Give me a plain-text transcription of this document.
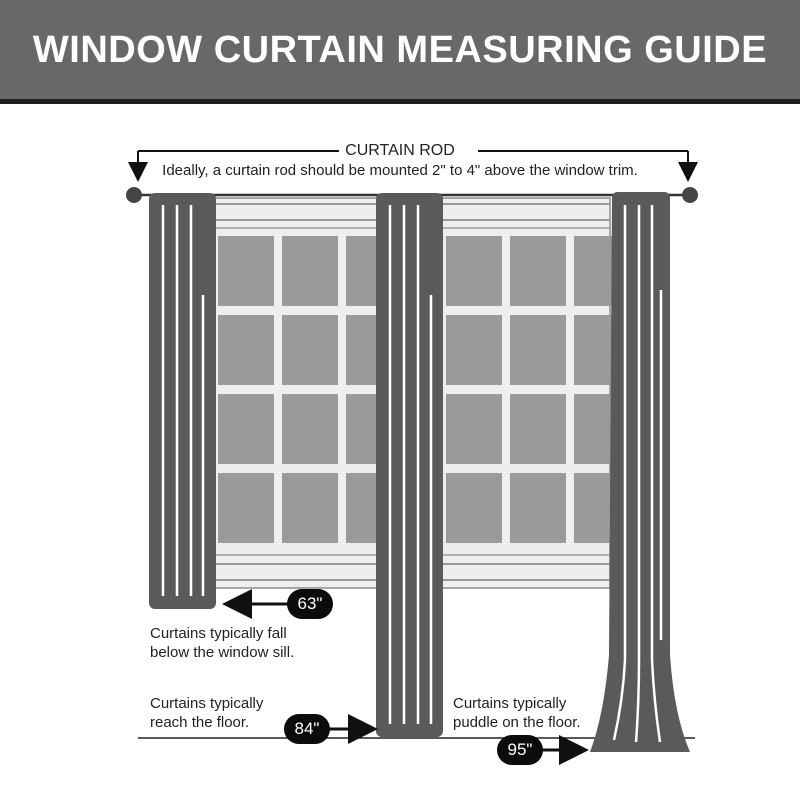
WINDOW CURTAIN MEASURING GUIDE
CURTAIN ROD
Ideally, a curtain rod should be mounted 2" to 4" above the window trim.
63"
84"
95"
Curtains typically fall
below the window sill.
Curtains typically
reach the floor.
Curtains typically
puddle on the floor.
